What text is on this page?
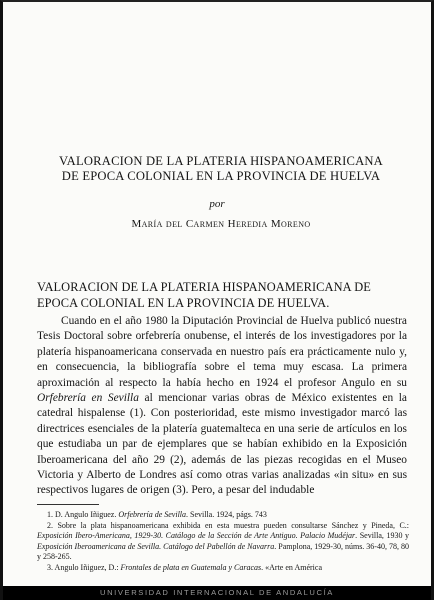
VALORACION DE LA PLATERIA HISPANOAMERICANA
DE EPOCA COLONIAL EN LA PROVINCIA DE HUELVA
por
María del Carmen Heredia Moreno
VALORACION DE LA PLATERIA HISPANOAMERICANA DE
EPOCA COLONIAL EN LA PROVINCIA DE HUELVA.

Cuando en el año 1980 la Diputación Provincial de Huelva publicó nuestra Tesis Doctoral sobre orfebrería onubense, el interés de los investigadores por la platería hispanoamericana conservada en nuestro país era prácticamente nulo y, en consecuencia, la bibliografía sobre el tema muy escasa. La primera aproximación al respecto la había hecho en 1924 el profesor Angulo en su Orfebrería en Sevilla al mencionar varias obras de México existentes en la catedral hispalense (1). Con posterioridad, este mismo investigador marcó las directrices esenciales de la platería guatemalteca en una serie de artículos en los que estudiaba un par de ejemplares que se habían exhibido en la Exposición Iberoamericana del año 29 (2), además de las piezas recogidas en el Museo Victoria y Alberto de Londres así como otras varias analizadas «in situ» en sus respectivos lugares de origen (3). Pero, a pesar del indudable

1. D. Angulo Iñiguez. Orfebrería de Sevilla. Sevilla. 1924, págs. 743
2. Sobre la plata hispanoamericana exhibida en esta muestra pueden consultarse Sánchez y Pineda, C.: Exposición Ibero-Americana, 1929-30. Catálogo de la Sección de Arte Antiguo. Palacio Mudéjar. Sevilla, 1930 y Exposición Iberoamericana de Sevilla. Catálogo del Pabellón de Navarra. Pamplona, 1929-30, núms. 36-40, 78, 80 y 258-265.
3. Angulo Iñiguez, D.: Frontales de plata en Guatemala y Caracas. «Arte en América
UNIVERSIDAD INTERNACIONAL DE ANDALUCÍA
